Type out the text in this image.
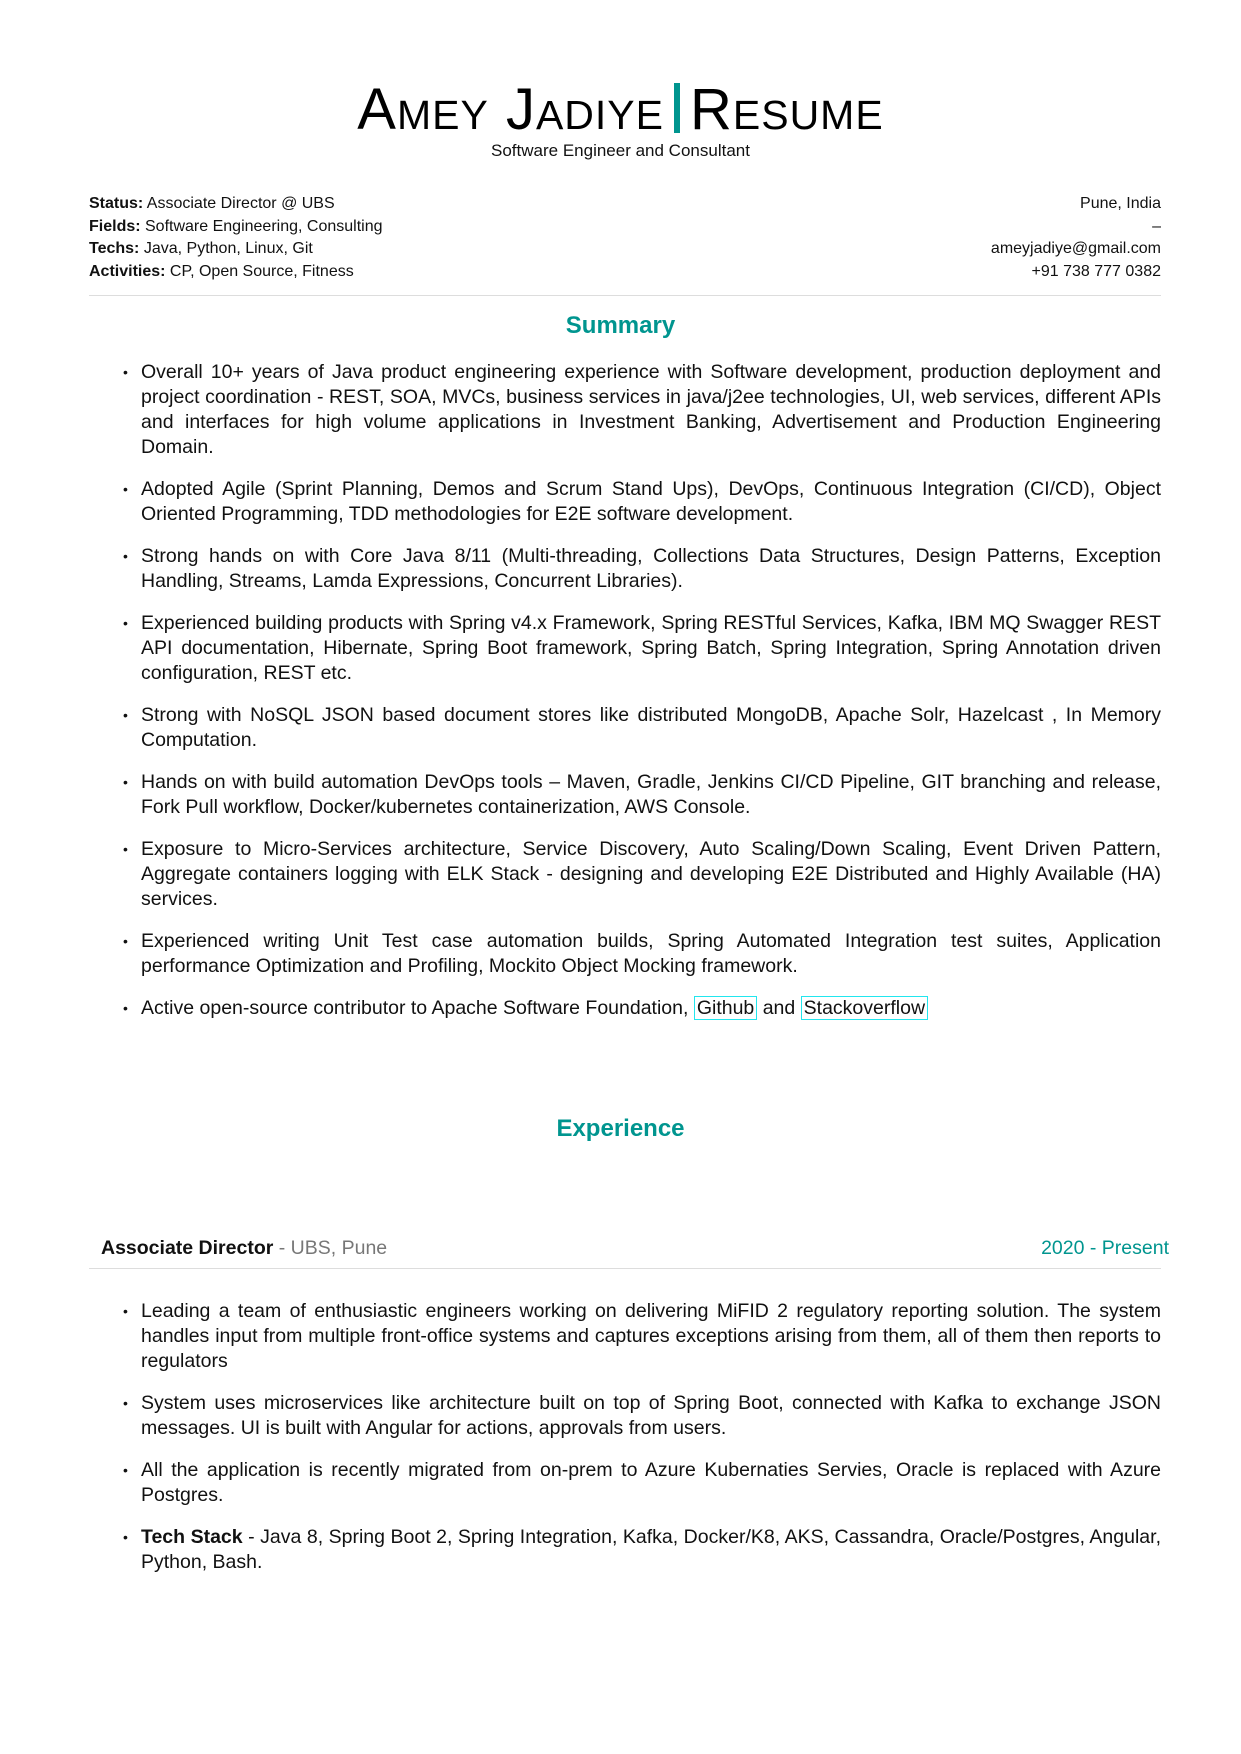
Amey Jadiye Resume
Software Engineer and Consultant
Status: Associate Director @ UBS
Fields: Software Engineering, Consulting
Techs: Java, Python, Linux, Git
Activities: CP, Open Source, Fitness
Pune, India
–
ameyjadiye@gmail.com
+91 738 777 0382
Summary
• Overall 10+ years of Java product engineering experience with Software development, production deployment and project coordination - REST, SOA, MVCs, business services in java/j2ee technologies, UI, web services, different APIs and interfaces for high volume applications in Investment Banking, Advertisement and Production Engineering Domain.
• Adopted Agile (Sprint Planning, Demos and Scrum Stand Ups), DevOps, Continuous Integration (CI/CD), Object Oriented Programming, TDD methodologies for E2E software development.
• Strong hands on with Core Java 8/11 (Multi-threading, Collections Data Structures, Design Patterns, Exception Handling, Streams, Lamda Expressions, Concurrent Libraries).
• Experienced building products with Spring v4.x Framework, Spring RESTful Services, Kafka, IBM MQ Swagger REST API documentation, Hibernate, Spring Boot framework, Spring Batch, Spring Integration, Spring Annotation driven configuration, REST etc.
• Strong with NoSQL JSON based document stores like distributed MongoDB, Apache Solr, Hazelcast , In Memory Computation.
• Hands on with build automation DevOps tools – Maven, Gradle, Jenkins CI/CD Pipeline, GIT branching and release, Fork Pull workflow, Docker/kubernetes containerization, AWS Console.
• Exposure to Micro-Services architecture, Service Discovery, Auto Scaling/Down Scaling, Event Driven Pattern, Aggregate containers logging with ELK Stack - designing and developing E2E Distributed and Highly Available (HA) services.
• Experienced writing Unit Test case automation builds, Spring Automated Integration test suites, Application performance Optimization and Profiling, Mockito Object Mocking framework.
• Active open-source contributor to Apache Software Foundation, Github and Stackoverflow
Experience
Associate Director - UBS, Pune	2020 - Present
• Leading a team of enthusiastic engineers working on delivering MiFID 2 regulatory reporting solution. The system handles input from multiple front-office systems and captures exceptions arising from them, all of them then reports to regulators
• System uses microservices like architecture built on top of Spring Boot, connected with Kafka to exchange JSON messages. UI is built with Angular for actions, approvals from users.
• All the application is recently migrated from on-prem to Azure Kubernaties Servies, Oracle is replaced with Azure Postgres.
• Tech Stack - Java 8, Spring Boot 2, Spring Integration, Kafka, Docker/K8, AKS, Cassandra, Oracle/Postgres, Angular, Python, Bash.
